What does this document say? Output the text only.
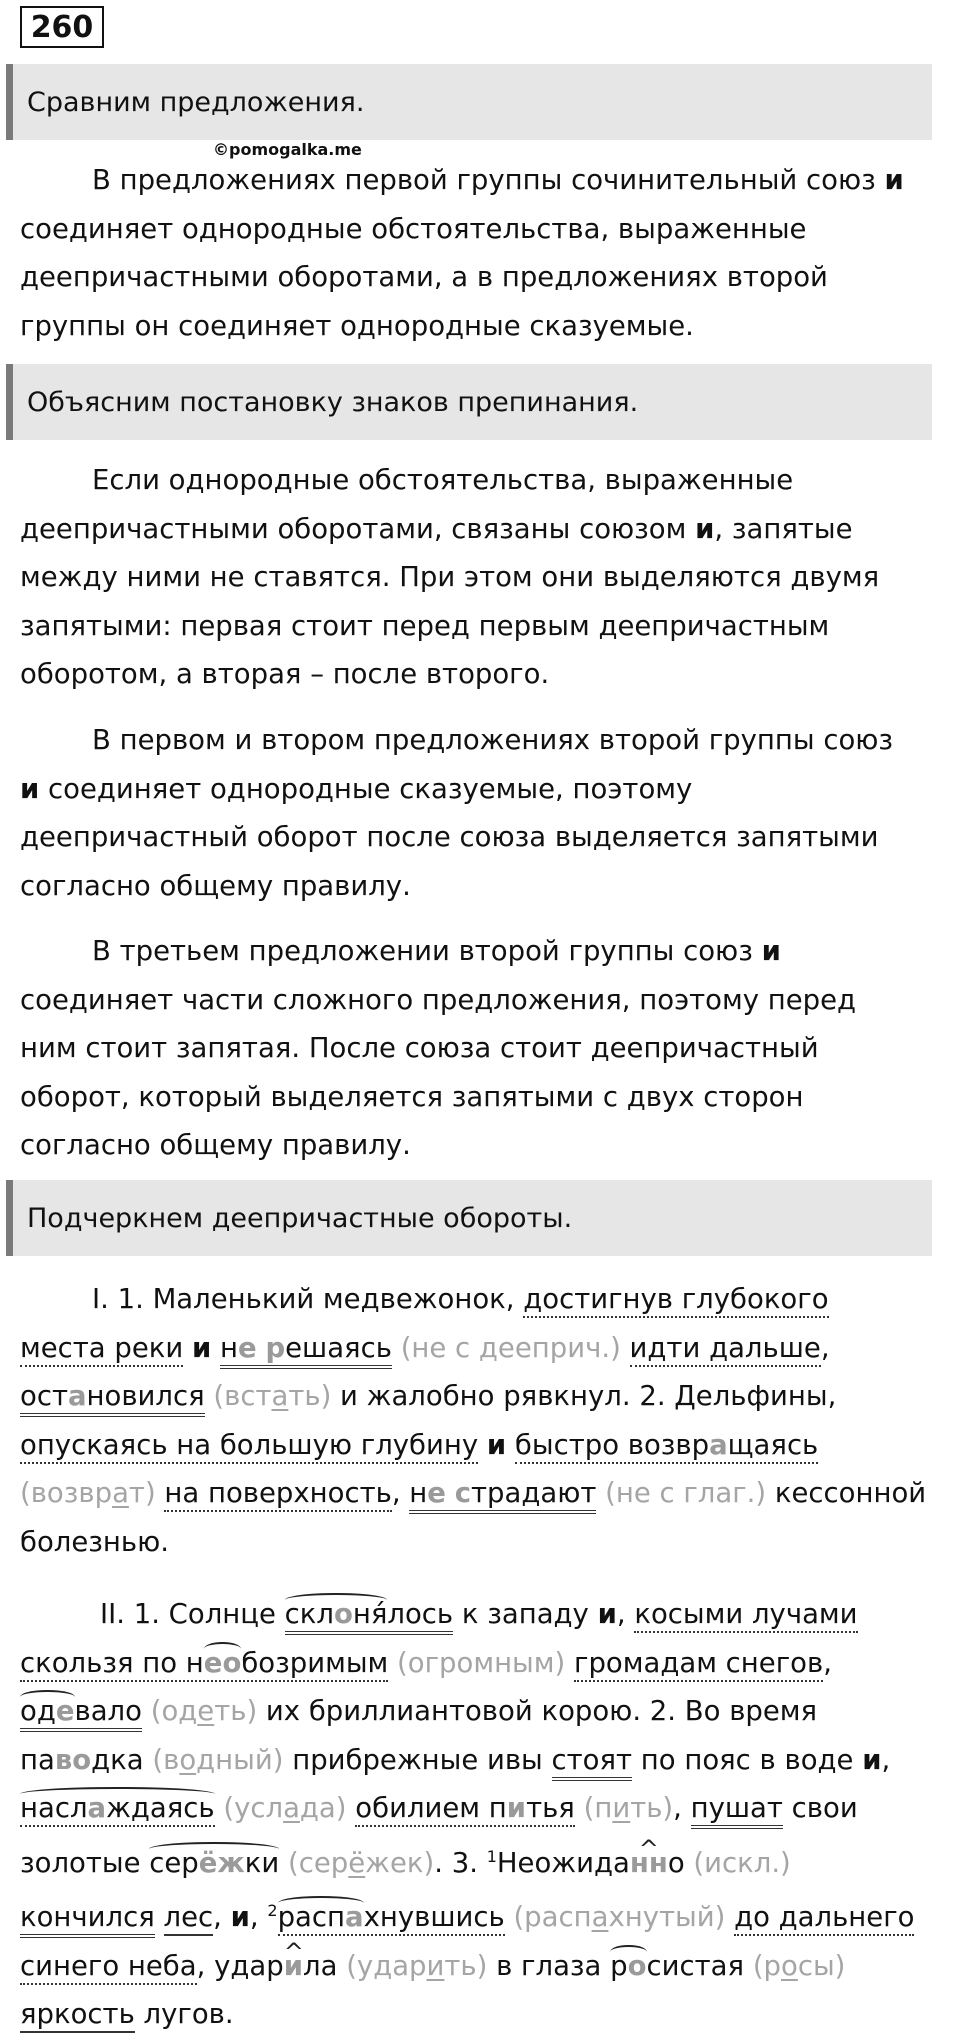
260
Сравним предложения.
©pomogalka.me

В предложениях первой группы сочинительный союз и
соединяет однородные обстоятельства, выраженные
деепричастными оборотами, а в предложениях второй
группы он соединяет однородные сказуемые.

Объясним постановку знаков препинания.

Если однородные обстоятельства, выраженные
деепричастными оборотами, связаны союзом и, запятые
между ними не ставятся. При этом они выделяются двумя
запятыми: первая стоит перед первым деепричастным
оборотом, а вторая – после второго.

В первом и втором предложениях второй группы союз
и соединяет однородные сказуемые, поэтому
деепричастный оборот после союза выделяется запятыми
согласно общему правилу.

В третьем предложении второй группы союз и
соединяет части сложного предложения, поэтому перед
ним стоит запятая. После союза стоит деепричастный
оборот, который выделяется запятыми с двух сторон
согласно общему правилу.

Подчеркнем деепричастные обороты.

I. 1. Маленький медвежонок, достигнув глубокого
места реки и не решаясь (не с дееприч.) идти дальше,
остановился (встать) и жалобно рявкнул. 2. Дельфины,
опускаясь на большую глубину и быстро возвращаясь
(возврат) на поверхность, не страдают (не с глаг.) кессонной
болезнью.

II. 1. Солнце склоня́лось к западу и, косыми лучами
скользя по необозримым (огромным) громадам снегов,
одевало (одеть) их бриллиантовой корою. 2. Во время
паводка (водный) прибрежные ивы стоят по пояс в воде и,
наслаждаясь (услада) обилием питья (пить), пушат свои
золотые серёжки (серёжек). 3. $^1$Неожида^ нно (искл.)
кончился лес, и, $^2$распахнувшись (распахнутый) до дальнего
синего неба, удар^ ила (ударить) в глаза росистая (росы)
яркость лугов.
